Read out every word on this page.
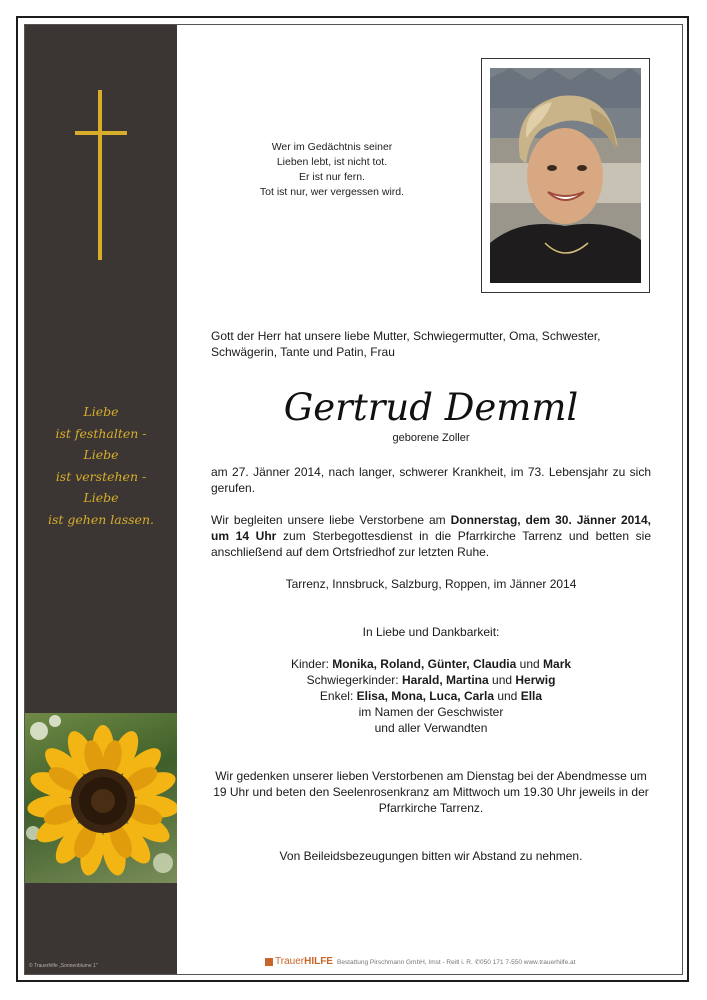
Liebe
ist festhalten -
Liebe
ist verstehen -
Liebe
ist gehen lassen.
© Trauerhilfe „Sonnenblume 1"
Wer im Gedächtnis seiner
Lieben lebt, ist nicht tot.
Er ist nur fern.
Tot ist nur, wer vergessen wird.
Gott der Herr hat unsere liebe Mutter, Schwiegermutter, Oma, Schwester, Schwägerin, Tante und Patin, Frau
Gertrud Demml
geborene Zoller
am 27. Jänner 2014, nach langer, schwerer Krankheit, im 73. Lebensjahr zu sich gerufen.
Wir begleiten unsere liebe Verstorbene am Donnerstag, dem 30. Jänner 2014, um 14 Uhr zum Sterbegottesdienst in die Pfarrkirche Tarrenz und betten sie anschließend auf dem Ortsfriedhof zur letzten Ruhe.
Tarrenz, Innsbruck, Salzburg, Roppen, im Jänner 2014
In Liebe und Dankbarkeit:
Kinder: Monika, Roland, Günter, Claudia und Mark
Schwiegerkinder: Harald, Martina und Herwig
Enkel: Elisa, Mona, Luca, Carla und Ella
im Namen der Geschwister
und aller Verwandten
Wir gedenken unserer lieben Verstorbenen am Dienstag bei der Abendmesse um 19 Uhr und beten den Seelenrosenkranz am Mittwoch um 19.30 Uhr jeweils in der Pfarrkirche Tarrenz.
Von Beileidsbezeugungen bitten wir Abstand zu nehmen.
TrauerHILFE Bestattung Pirschmann GmbH, Imst - Reitl i. R. ✆050 171 7-550 www.trauerhilfe.at
